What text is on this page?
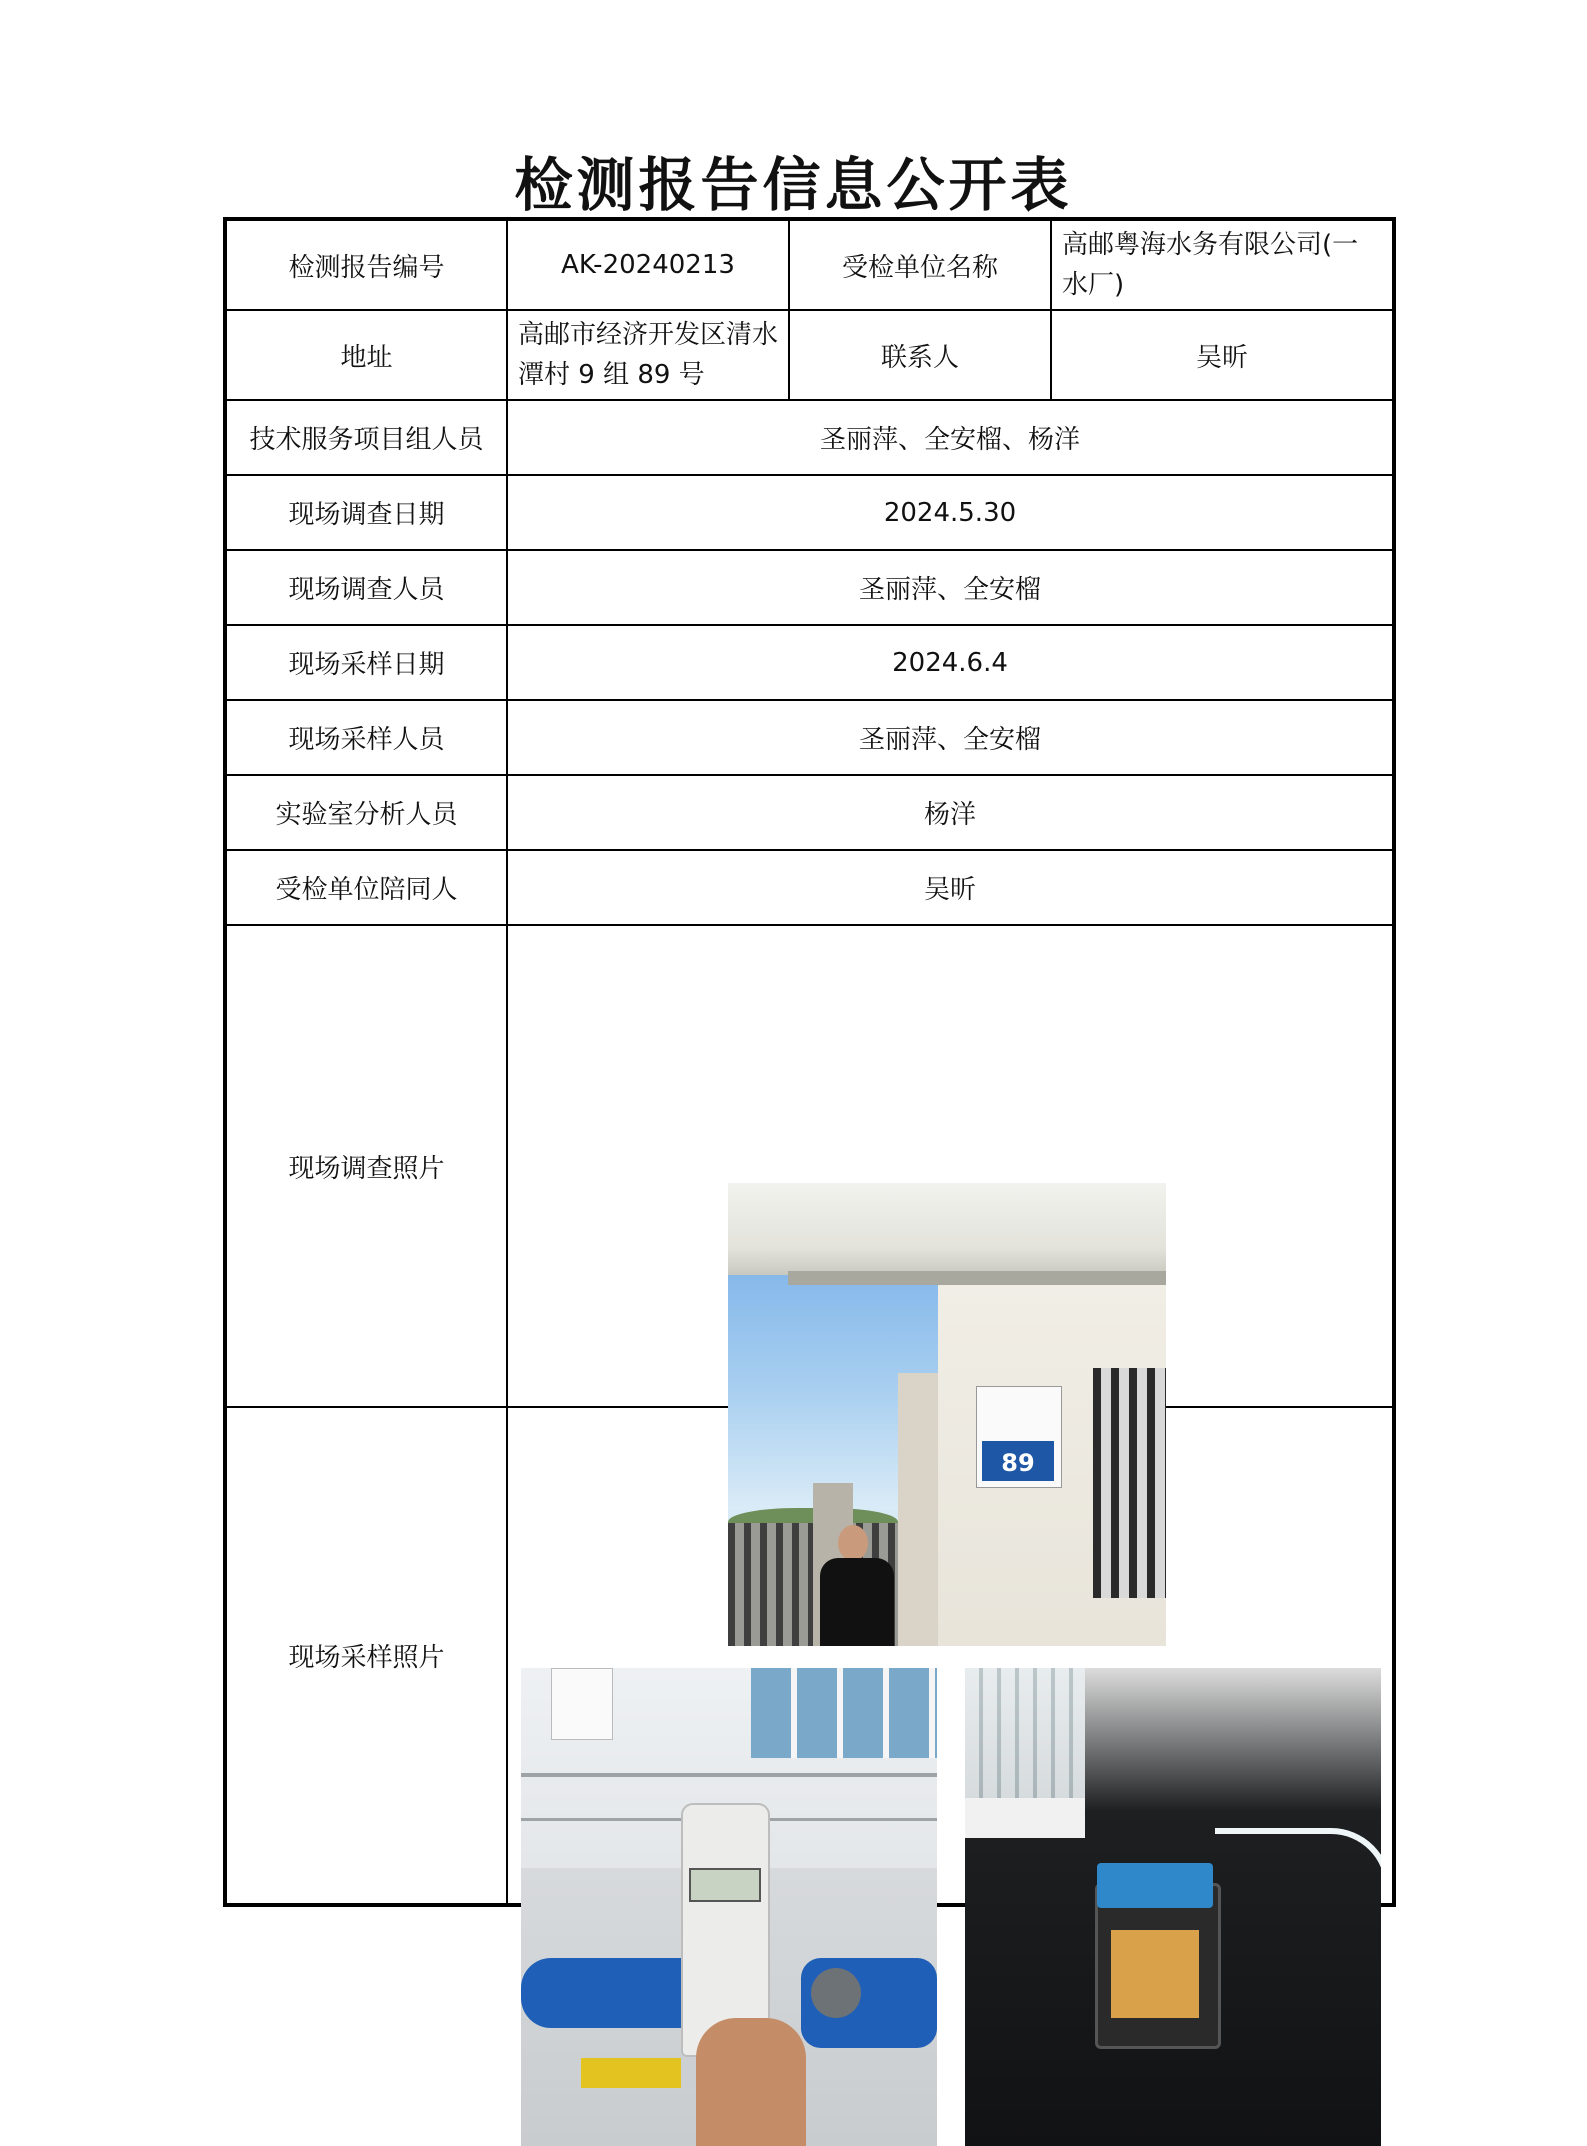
检测报告信息公开表
检测报告编号	AK-20240213	受检单位名称	高邮粤海水务有限公司(一水厂)
地址	高邮市经济开发区清水潭村 9 组 89 号	联系人	吴昕
技术服务项目组人员	圣丽萍、全安榴、杨洋		
现场调查日期	2024.5.30		
现场调查人员	圣丽萍、全安榴		
现场采样日期	2024.6.4		
现场采样人员	圣丽萍、全安榴		
实验室分析人员	杨洋		
受检单位陪同人	吴昕		
现场调查照片	89		

现场采样照片			
